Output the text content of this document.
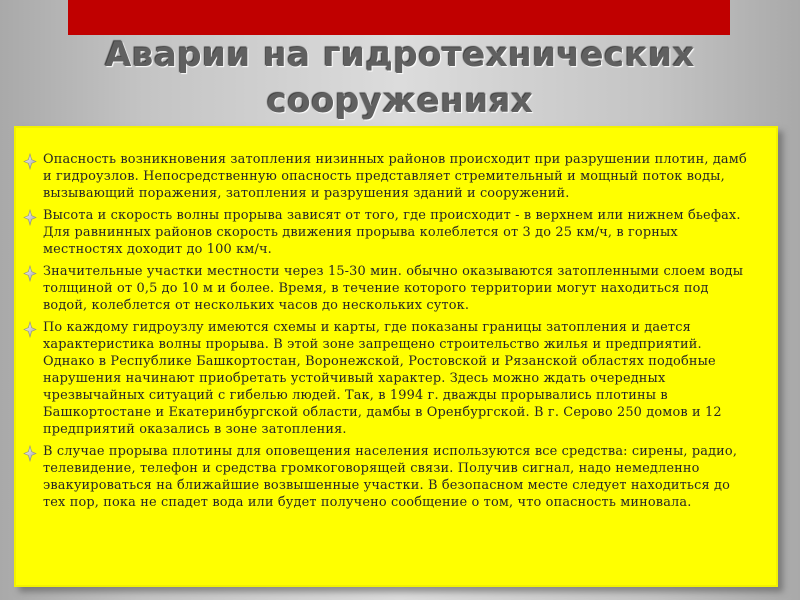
Аварии на гидротехнических сооружениях
Опасность возникновения затопления низинных районов происходит при разрушении плотин, дамб и гидроузлов. Непосредственную опасность представляет стремительный и мощный поток воды, вызывающий поражения, затопления и разрушения зданий и сооружений.
Высота и скорость волны прорыва зависят от того, где происходит - в верхнем или нижнем бьефах. Для равнинных районов скорость движения прорыва колеблется от 3 до 25 км/ч, в горных местностях доходит до 100 км/ч.
Значительные участки местности через 15-30 мин. обычно оказываются затопленными слоем воды толщиной от 0,5 до 10 м и более. Время, в течение которого территории могут находиться под водой, колеблется от нескольких часов до нескольких суток.
По каждому гидроузлу имеются схемы и карты, где показаны границы затопления и дается характеристика волны прорыва. В этой зоне запрещено строительство жилья и предприятий. Однако в Республике Башкортостан, Воронежской, Ростовской и Рязанской областях подобные нарушения начинают приобретать устойчивый характер. Здесь можно ждать очередных чрезвычайных ситуаций с гибелью людей. Так, в 1994 г. дважды прорывались плотины в Башкортостане и Екатеринбургской области, дамбы в Оренбургской. В г. Серово 250 домов и 12 предприятий оказались в зоне затопления.
В случае прорыва плотины для оповещения населения используются все средства: сирены, радио, телевидение, телефон и средства громкоговорящей связи. Получив сигнал, надо немедленно эвакуироваться на ближайшие возвышенные участки. В безопасном месте следует находиться до тех пор, пока не спадет вода или будет получено сообщение о том, что опасность миновала.
